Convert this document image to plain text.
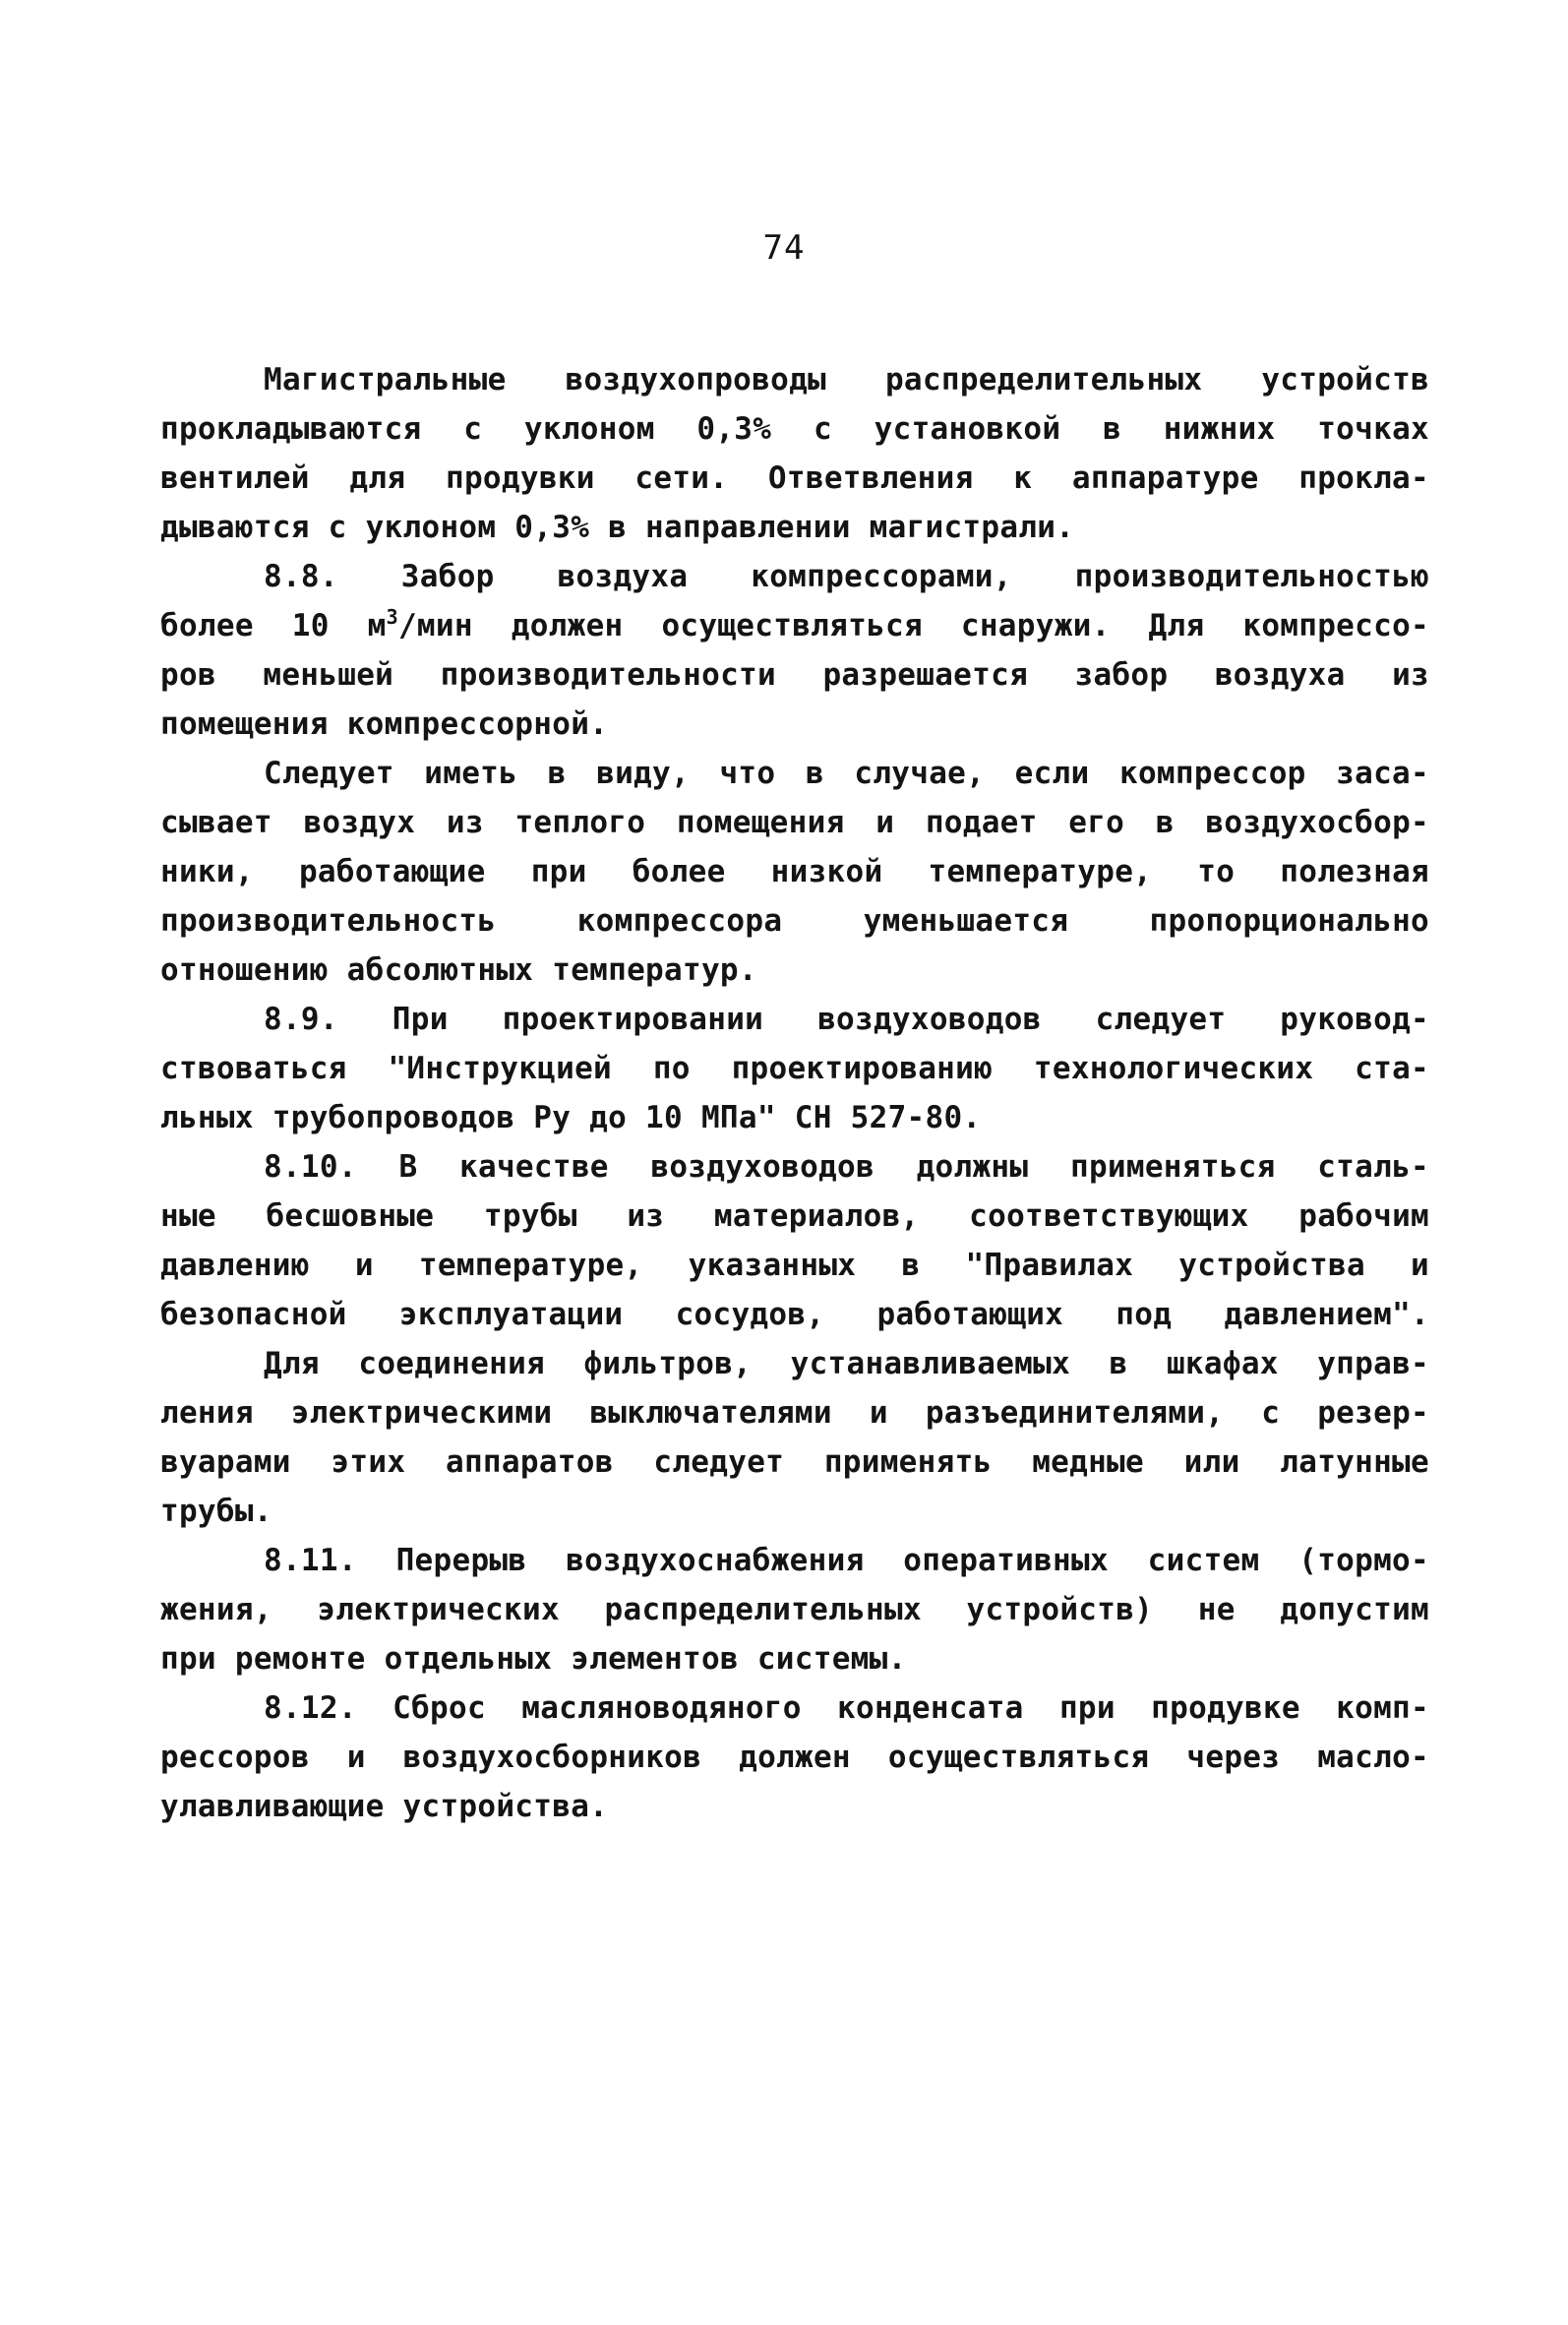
74
Магистральные воздухопроводы распределительных устройств
прокладываются с уклоном 0,3% с установкой в нижних точках
вентилей для продувки сети. Ответвления к аппаратуре прокла-
дываются с уклоном 0,3% в направлении магистрали.
8.8. Забор воздуха компрессорами, производительностью
более 10 $м^3$/мин должен осуществляться снаружи. Для компрессо-
ров меньшей производительности разрешается забор воздуха из
помещения компрессорной.
Следует иметь в виду, что в случае, если компрессор заса-
сывает воздух из теплого помещения и подает его в воздухосбор-
ники, работающие при более низкой температуре, то полезная
производительность компрессора уменьшается пропорционально
отношению абсолютных температур.
8.9. При проектировании воздуховодов следует руковод-
ствоваться "Инструкцией по проектированию технологических ста-
льных трубопроводов Ру до 10 МПа" СН 527-80.
8.10. В качестве воздуховодов должны применяться сталь-
ные бесшовные трубы из материалов, соответствующих рабочим
давлению и температуре, указанных в "Правилах устройства и
безопасной эксплуатации сосудов, работающих под давлением".
Для соединения фильтров, устанавливаемых в шкафах управ-
ления электрическими выключателями и разъединителями, с резер-
вуарами этих аппаратов следует применять медные или латунные
трубы.
8.11. Перерыв воздухоснабжения оперативных систем (тормо-
жения, электрических распределительных устройств) не допустим
при ремонте отдельных элементов системы.
8.12. Сброс масляноводяного конденсата при продувке комп-
рессоров и воздухосборников должен осуществляться через масло-
улавливающие устройства.
